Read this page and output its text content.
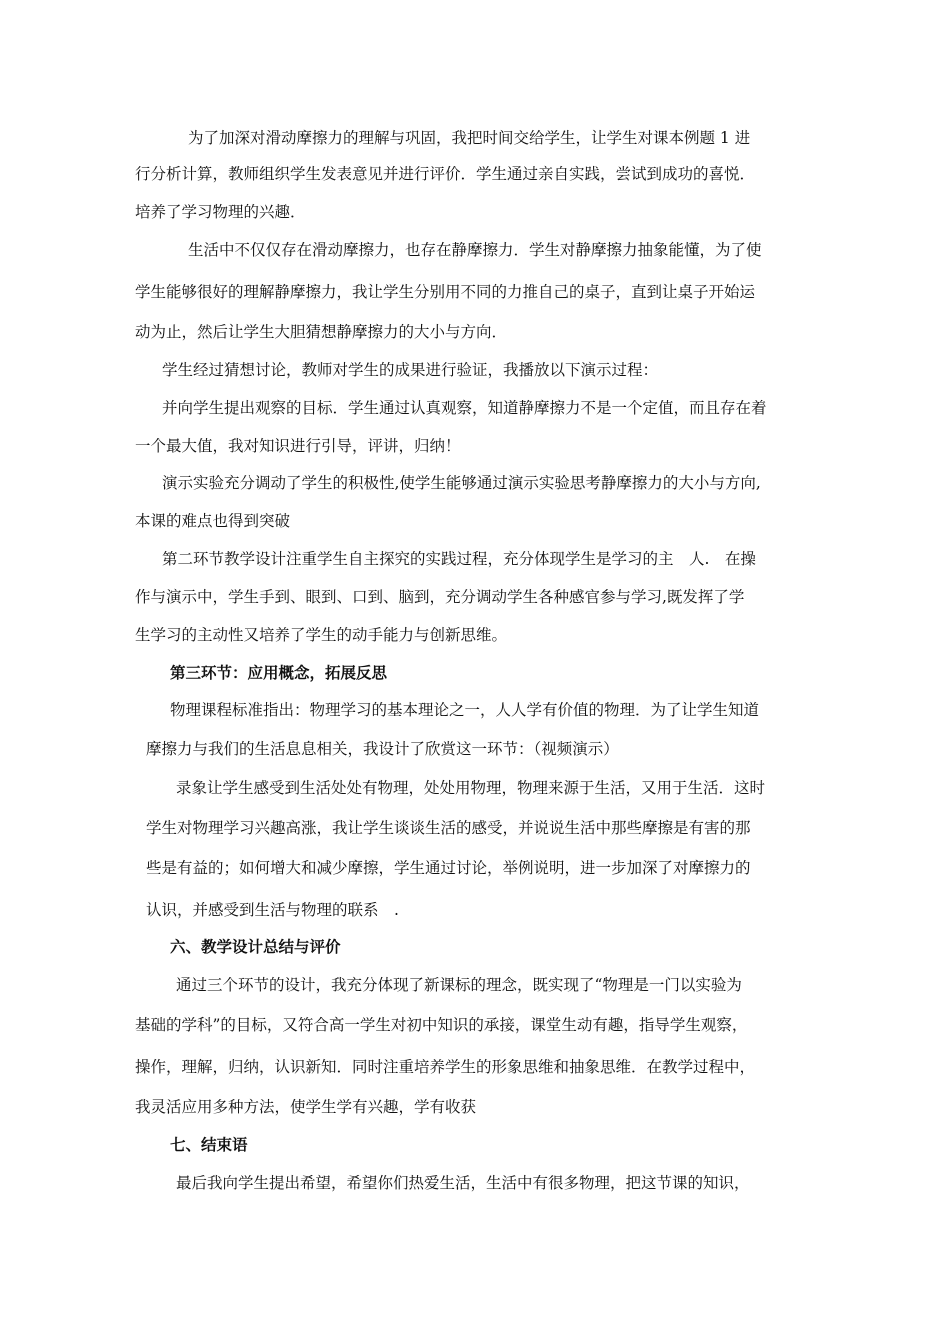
为了加深对滑动摩擦力的理解与巩固，我把时间交给学生，让学生对课本例题 1 进
行分析计算，教师组织学生发表意见并进行评价．学生通过亲自实践，尝试到成功的喜悦．
培养了学习物理的兴趣．
生活中不仅仅存在滑动摩擦力，也存在静摩擦力．学生对静摩擦力抽象能懂，为了使
学生能够很好的理解静摩擦力，我让学生分别用不同的力推自己的桌子，直到让桌子开始运
动为止，然后让学生大胆猜想静摩擦力的大小与方向．
学生经过猜想讨论，教师对学生的成果进行验证，我播放以下演示过程：
并向学生提出观察的目标．学生通过认真观察，知道静摩擦力不是一个定值，而且存在着
一个最大值，我对知识进行引导，评讲，归纳！
演示实验充分调动了学生的积极性,使学生能够通过演示实验思考静摩擦力的大小与方向,
本课的难点也得到突破
第二环节教学设计注重学生自主探究的实践过程，充分体现学生是学习的主　人.　在操
作与演示中，学生手到、眼到、口到、脑到，充分调动学生各种感官参与学习,既发挥了学
生学习的主动性又培养了学生的动手能力与创新思维。
第三环节：应用概念，拓展反思
物理课程标准指出：物理学习的基本理论之一，人人学有价值的物理．为了让学生知道
摩擦力与我们的生活息息相关，我设计了欣赏这一环节：（视频演示）
录象让学生感受到生活处处有物理，处处用物理，物理来源于生活，又用于生活．这时
学生对物理学习兴趣高涨，我让学生谈谈生活的感受，并说说生活中那些摩擦是有害的那
些是有益的；如何增大和减少摩擦，学生通过讨论，举例说明，进一步加深了对摩擦力的
认识，并感受到生活与物理的联系　.
六、教学设计总结与评价
通过三个环节的设计，我充分体现了新课标的理念，既实现了“物理是一门以实验为
基础的学科”的目标，又符合高一学生对初中知识的承接，课堂生动有趣，指导学生观察，
操作，理解，归纳，认识新知．同时注重培养学生的形象思维和抽象思维．在教学过程中，
我灵活应用多种方法，使学生学有兴趣，学有收获
七、结束语
最后我向学生提出希望，希望你们热爱生活，生活中有很多物理，把这节课的知识，
